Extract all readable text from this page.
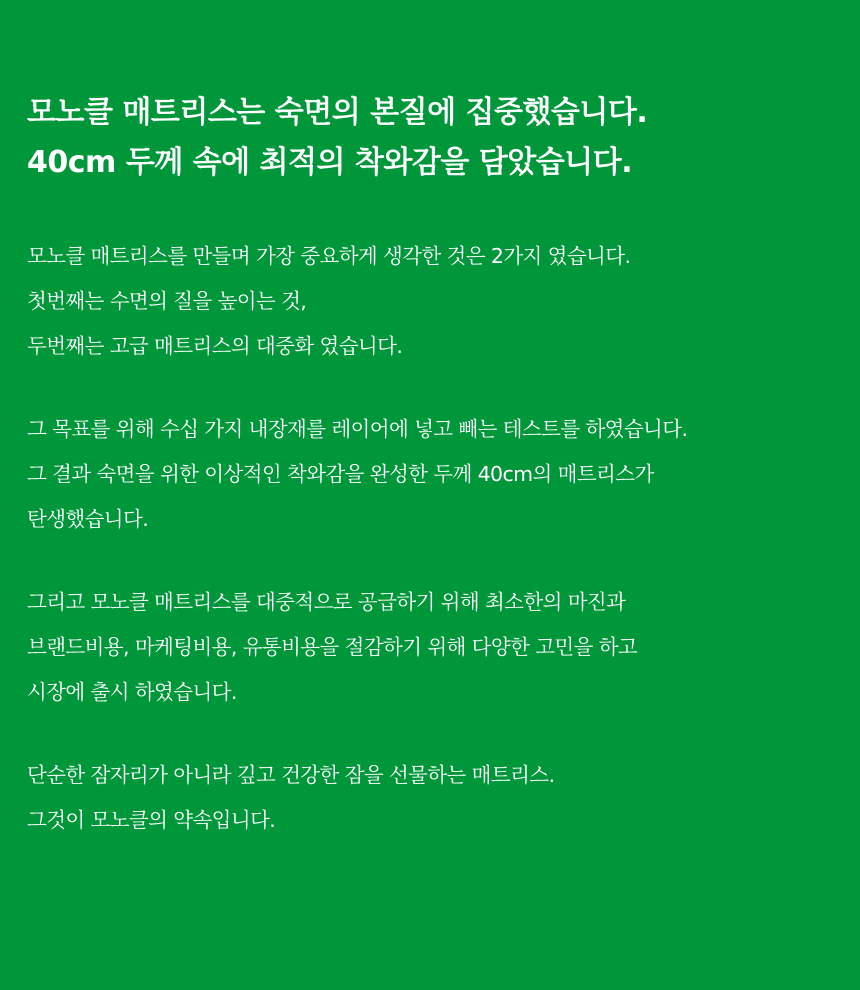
모노클 매트리스는 숙면의 본질에 집중했습니다.
40cm 두께 속에 최적의 착와감을 담았습니다.

모노클 매트리스를 만들며 가장 중요하게 생각한 것은 2가지 였습니다.
첫번째는 수면의 질을 높이는 것,
두번째는 고급 매트리스의 대중화 였습니다.

그 목표를 위해 수십 가지 내장재를 레이어에 넣고 빼는 테스트를 하였습니다.
그 결과 숙면을 위한 이상적인 착와감을 완성한 두께 40cm의 매트리스가
탄생했습니다.

그리고 모노클 매트리스를 대중적으로 공급하기 위해 최소한의 마진과
브랜드비용, 마케팅비용, 유통비용을 절감하기 위해 다양한 고민을 하고
시장에 출시 하였습니다.

단순한 잠자리가 아니라 깊고 건강한 잠을 선물하는 매트리스.
그것이 모노클의 약속입니다.
